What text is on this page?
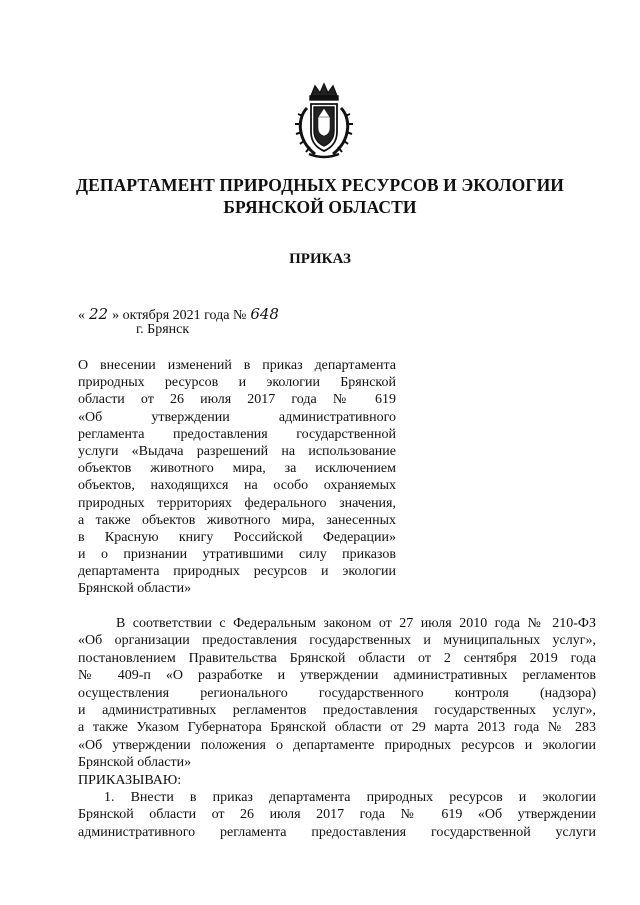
ДЕПАРТАМЕНТ ПРИРОДНЫХ РЕСУРСОВ И ЭКОЛОГИИ
БРЯНСКОЙ ОБЛАСТИ
ПРИКАЗ
« 22 » октября 2021 года № 648
г. Брянск
О внесении изменений в приказ департамента
природных ресурсов и экологии Брянской
области от 26 июля 2017 года № 619
«Об утверждении административного
регламента предоставления государственной
услуги «Выдача разрешений на использование
объектов животного мира, за исключением
объектов, находящихся на особо охраняемых
природных территориях федерального значения,
а также объектов животного мира, занесенных
в Красную книгу Российской Федерации»
и о признании утратившими силу приказов
департамента природных ресурсов и экологии
Брянской области»
В соответствии с Федеральным законом от 27 июля 2010 года № 210-ФЗ
«Об организации предоставления государственных и муниципальных услуг»,
постановлением Правительства Брянской области от 2 сентября 2019 года
№ 409-п «О разработке и утверждении административных регламентов
осуществления регионального государственного контроля (надзора)
и административных регламентов предоставления государственных услуг»,
а также Указом Губернатора Брянской области от 29 марта 2013 года № 283
«Об утверждении положения о департаменте природных ресурсов и экологии
Брянской области»
ПРИКАЗЫВАЮ:
1. Внести в приказ департамента природных ресурсов и экологии
Брянской области от 26 июля 2017 года № 619 «Об утверждении
административного регламента предоставления государственной услуги
